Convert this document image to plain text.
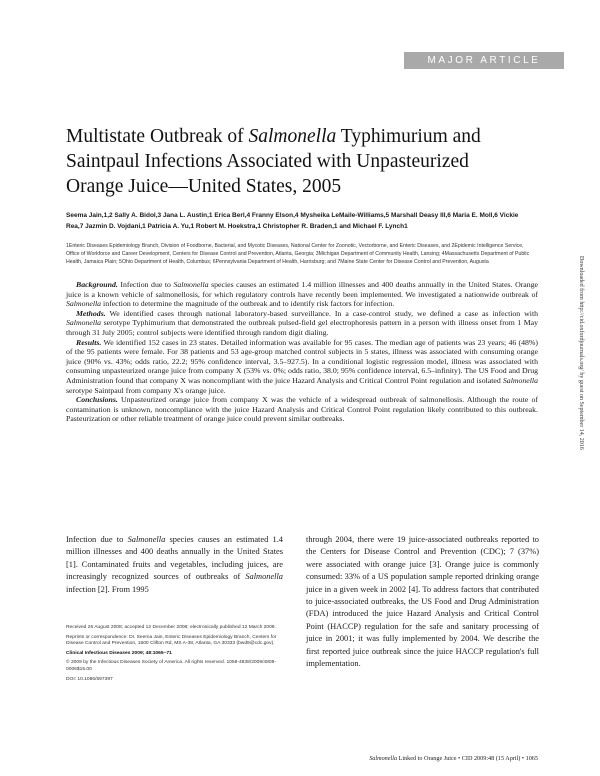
MAJOR ARTICLE
Multistate Outbreak of Salmonella Typhimurium and Saintpaul Infections Associated with Unpasteurized Orange Juice—United States, 2005
Seema Jain,1,2 Sally A. Bidol,3 Jana L. Austin,1 Erica Berl,4 Franny Elson,4 Mysheika LeMaile-Williams,5 Marshall Deasy III,6 Maria E. Moll,6 Vickie Rea,7 Jazmin D. Vojdani,1 Patricia A. Yu,1 Robert M. Hoekstra,1 Christopher R. Braden,1 and Michael F. Lynch1
1Enteric Diseases Epidemiology Branch, Division of Foodborne, Bacterial, and Mycotic Diseases, National Center for Zoonotic, Vectorborne, and Enteric Diseases, and 2Epidemic Intelligence Service, Office of Workforce and Career Development, Centers for Disease Control and Prevention, Atlanta, Georgia; 3Michigan Department of Community Health, Lansing; 4Massachusetts Department of Public Health, Jamaica Plain; 5Ohio Department of Health, Columbus; 6Pennsylvania Department of Health, Harrisburg; and 7Maine State Center for Disease Control and Prevention, Augusta

Background. Infection due to Salmonella species causes an estimated 1.4 million illnesses and 400 deaths annually in the United States. Orange juice is a known vehicle of salmonellosis, for which regulatory controls have recently been implemented. We investigated a nationwide outbreak of Salmonella infection to determine the magnitude of the outbreak and to identify risk factors for infection.

Methods. We identified cases through national laboratory-based surveillance. In a case-control study, we defined a case as infection with Salmonella serotype Typhimurium that demonstrated the outbreak pulsed-field gel electrophoresis pattern in a person with illness onset from 1 May through 31 July 2005; control subjects were identified through random digit dialing.

Results. We identified 152 cases in 23 states. Detailed information was available for 95 cases. The median age of patients was 23 years; 46 (48%) of the 95 patients were female. For 38 patients and 53 age-group matched control subjects in 5 states, illness was associated with consuming orange juice (90% vs. 43%; odds ratio, 22.2; 95% confidence interval, 3.5–927.5). In a conditional logistic regression model, illness was associated with consuming unpasteurized orange juice from company X (53% vs. 0%; odds ratio, 38.0; 95% confidence interval, 6.5–infinity). The US Food and Drug Administration found that company X was noncompliant with the juice Hazard Analysis and Critical Control Point regulation and isolated Salmonella serotype Saintpaul from company X's orange juice.

Conclusions. Unpasteurized orange juice from company X was the vehicle of a widespread outbreak of salmonellosis. Although the route of contamination is unknown, noncompliance with the juice Hazard Analysis and Critical Control Point regulation likely contributed to this outbreak. Pasteurization or other reliable treatment of orange juice could prevent similar outbreaks.

Infection due to Salmonella species causes an estimated 1.4 million illnesses and 400 deaths annually in the United States [1]. Contaminated fruits and vegetables, including juices, are increasingly recognized sources of outbreaks of Salmonella infection [2]. From 1995

through 2004, there were 19 juice-associated outbreaks reported to the Centers for Disease Control and Prevention (CDC); 7 (37%) were associated with orange juice [3]. Orange juice is commonly consumed: 33% of a US population sample reported drinking orange juice in a given week in 2002 [4]. To address factors that contributed to juice-associated outbreaks, the US Food and Drug Administration (FDA) introduced the juice Hazard Analysis and Critical Control Point (HACCP) regulation for the safe and sanitary processing of juice in 2001; it was fully implemented by 2004. We describe the first reported juice outbreak since the juice HACCP regulation's full implementation.

Received 26 August 2008; accepted 12 December 2008; electronically published 12 March 2009.

Reprints or correspondence: Dr. Seema Jain, Enteric Diseases Epidemiology Branch, Centers for Disease Control and Prevention, 1600 Clifton Rd, MS A-38, Atlanta, GA 30333 (bwd9@cdc.gov).

Clinical Infectious Diseases 2009; 48:1065–71

© 2009 by the Infectious Diseases Society of America. All rights reserved. 1058-4838/2009/4808-0006$15.00

DOI: 10.1086/597397

Salmonella Linked to Orange Juice • CID 2009:48 (15 April) • 1065
Downloaded from http://cid.oxfordjournals.org/ by guest on September 14, 2016
